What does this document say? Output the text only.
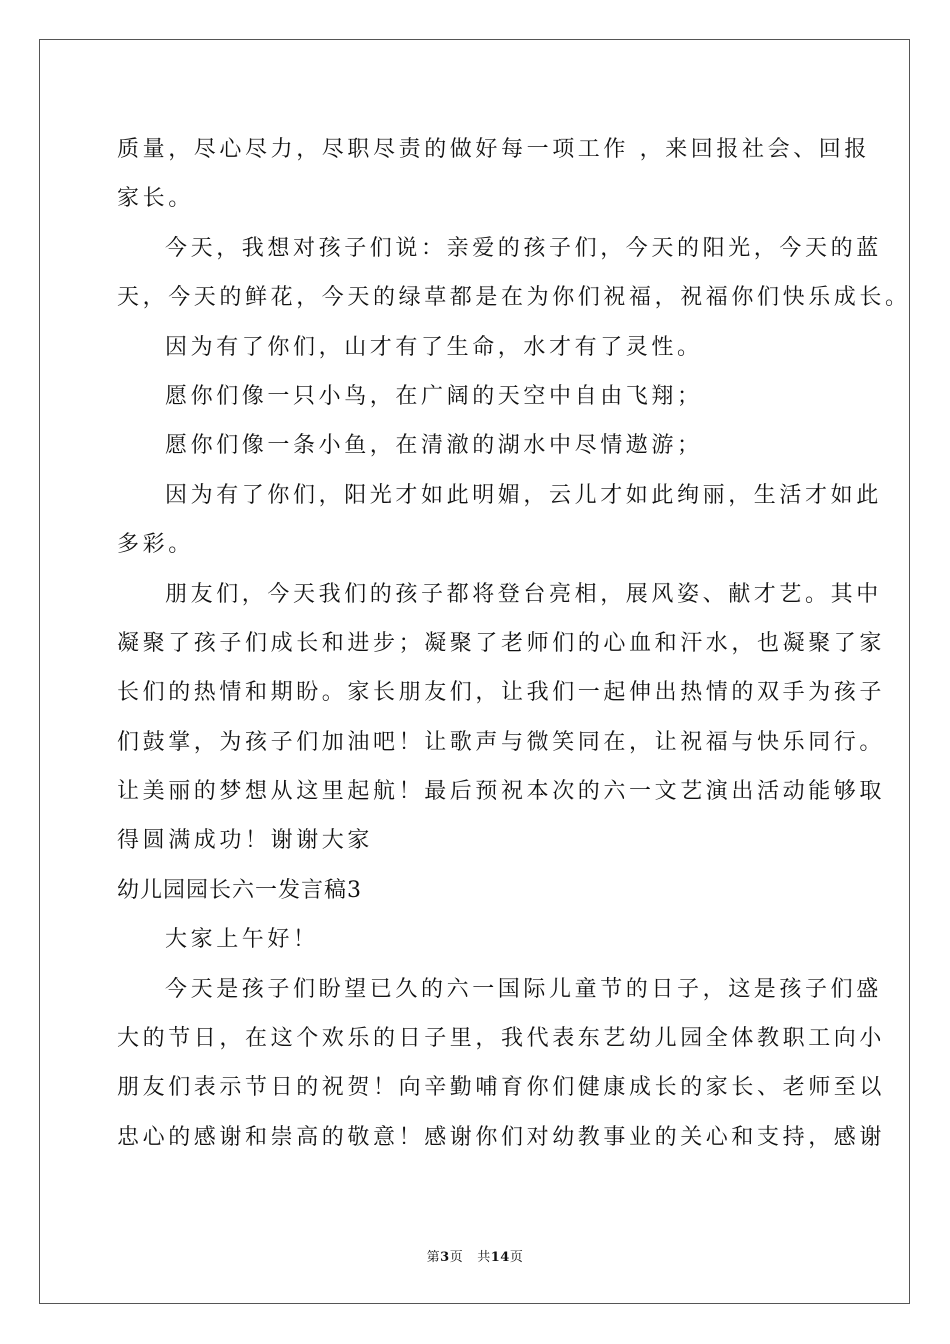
质量，尽心尽力，尽职尽责的做好每一项工作 ，来回报社会、回报
家长。
今天，我想对孩子们说：亲爱的孩子们，今天的阳光，今天的蓝
天，今天的鲜花，今天的绿草都是在为你们祝福，祝福你们快乐成长。
因为有了你们，山才有了生命，水才有了灵性。
愿你们像一只小鸟，在广阔的天空中自由飞翔；
愿你们像一条小鱼，在清澈的湖水中尽情遨游；
因为有了你们，阳光才如此明媚，云儿才如此绚丽，生活才如此
多彩。
朋友们，今天我们的孩子都将登台亮相，展风姿、献才艺。其中
凝聚了孩子们成长和进步；凝聚了老师们的心血和汗水，也凝聚了家
长们的热情和期盼。家长朋友们，让我们一起伸出热情的双手为孩子
们鼓掌，为孩子们加油吧！让歌声与微笑同在，让祝福与快乐同行。
让美丽的梦想从这里起航！最后预祝本次的六一文艺演出活动能够取
得圆满成功！谢谢大家
幼儿园园长六一发言稿3
大家上午好！
今天是孩子们盼望已久的六一国际儿童节的日子，这是孩子们盛
大的节日，在这个欢乐的日子里，我代表东艺幼儿园全体教职工向小
朋友们表示节日的祝贺！向辛勤哺育你们健康成长的家长、老师至以
忠心的感谢和崇高的敬意！感谢你们对幼教事业的关心和支持，感谢
第3页 共14页
